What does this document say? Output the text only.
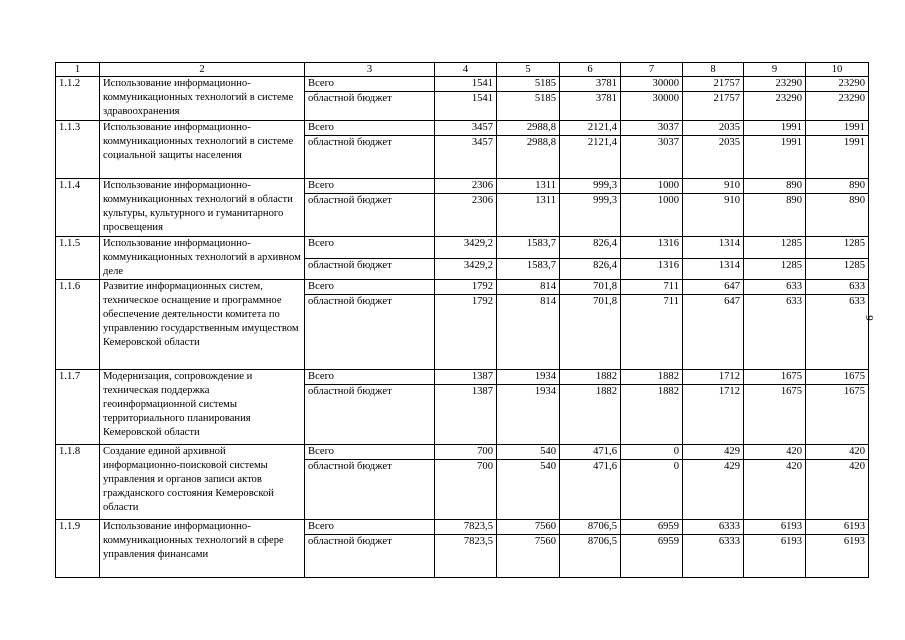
1	2	3	4	5	6	7	8	9	10
1.1.2	Использование информационно-коммуникационных технологий в системе здравоохранения	Всего	1541	5185	3781	30000	21757	23290	23290
		областной бюджет	1541	5185	3781	30000	21757	23290	23290
1.1.3	Использование информационно-коммуникационных технологий в системе социальной защиты населения	Всего	3457	2988,8	2121,4	3037	2035	1991	1991
		областной бюджет	3457	2988,8	2121,4	3037	2035	1991	1991
1.1.4	Использование информационно-коммуникационных технологий в области культуры, культурного и гуманитарного просвещения	Всего	2306	1311	999,3	1000	910	890	890
		областной бюджет	2306	1311	999,3	1000	910	890	890
1.1.5	Использование информационно-коммуникационных технологий в архивном деле	Всего	3429,2	1583,7	826,4	1316	1314	1285	1285
		областной бюджет	3429,2	1583,7	826,4	1316	1314	1285	1285
1.1.6	Развитие информационных систем, техническое оснащение и программное обеспечение деятельности комитета по управлению государственным имуществом Кемеровской области	Всего	1792	814	701,8	711	647	633	633
		областной бюджет	1792	814	701,8	711	647	633	633
1.1.7	Модернизация, сопровождение и техническая поддержка геоинформационной системы территориального планирования Кемеровской области	Всего	1387	1934	1882	1882	1712	1675	1675
		областной бюджет	1387	1934	1882	1882	1712	1675	1675
1.1.8	Создание единой архивной информационно-поисковой системы управления и органов записи актов гражданского состояния Кемеровской области	Всего	700	540	471,6	0	429	420	420
		областной бюджет	700	540	471,6	0	429	420	420
1.1.9	Использование информационно-коммуникационных технологий в сфере управления финансами	Всего	7823,5	7560	8706,5	6959	6333	6193	6193
		областной бюджет	7823,5	7560	8706,5	6959	6333	6193	6193
9
